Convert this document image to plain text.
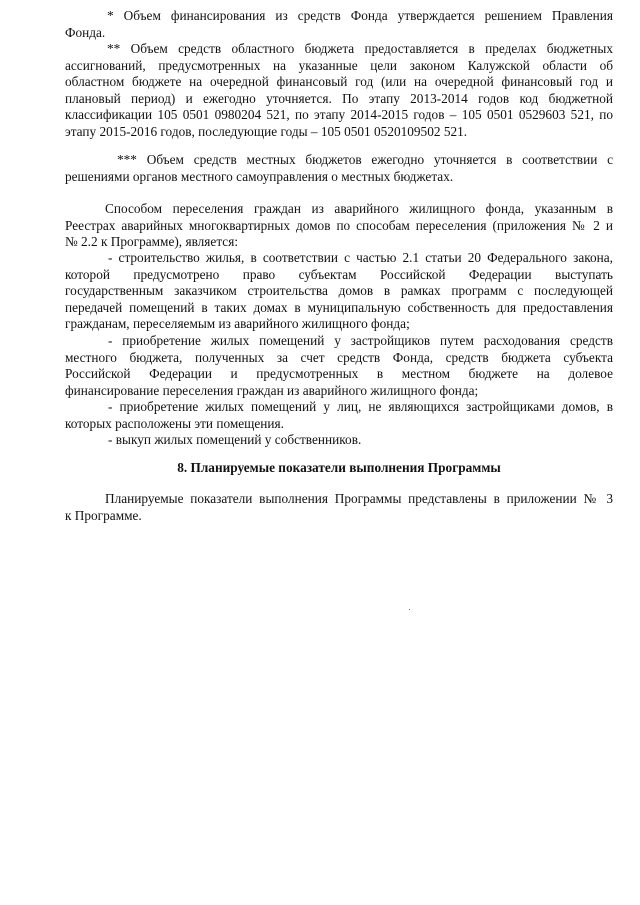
* Объем финансирования из средств Фонда утверждается решением Правления
Фонда.
** Объем средств областного бюджета предоставляется в пределах бюджетных
ассигнований, предусмотренных на указанные цели законом Калужской области об
областном бюджете на очередной финансовый год (или на очередной финансовый год и
плановый период) и ежегодно уточняется. По этапу 2013-2014 годов код бюджетной
классификации 105 0501 0980204 521, по этапу 2014-2015 годов – 105 0501 0529603 521, по
этапу 2015-2016 годов, последующие годы – 105 0501 0520109502 521.
*** Объем средств местных бюджетов ежегодно уточняется в соответствии с
решениями органов местного самоуправления о местных бюджетах.
Способом переселения граждан из аварийного жилищного фонда, указанным в
Реестрах аварийных многоквартирных домов по способам переселения (приложения № 2 и
№ 2.2 к Программе), является:
- строительство жилья, в соответствии с частью 2.1 статьи 20 Федерального закона,
которой предусмотрено право субъектам Российской Федерации выступать
государственным заказчиком строительства домов в рамках программ с последующей
передачей помещений в таких домах в муниципальную собственность для предоставления
гражданам, переселяемым из аварийного жилищного фонда;
- приобретение жилых помещений у застройщиков путем расходования средств
местного бюджета, полученных за счет средств Фонда, средств бюджета субъекта
Российской Федерации и предусмотренных в местном бюджете на долевое
финансирование переселения граждан из аварийного жилищного фонда;
- приобретение жилых помещений у лиц, не являющихся застройщиками домов, в
которых расположены эти помещения.
- выкуп жилых помещений у собственников.
8. Планируемые показатели выполнения Программы
Планируемые показатели выполнения Программы представлены в приложении № 3
к Программе.
